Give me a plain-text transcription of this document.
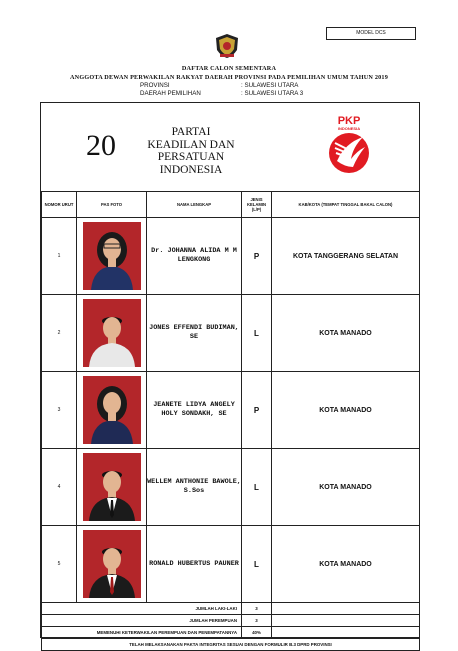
MODEL DCS
DAFTAR CALON SEMENTARA
ANGGOTA DEWAN PERWAKILAN RAKYAT DAERAH PROVINSI PADA PEMILIHAN UMUM TAHUN 2019
PROVINSI	: SULAWESI UTARA
DAERAH PEMILIHAN	: SULAWESI UTARA 3
20	PARTAI KEADILAN DAN
PERSATUAN
INDONESIA
PKP
INDONESIA
NOMOR URUT	PAS FOTO	NAMA LENGKAP	JENIS KELAMIN (L/P)	KAB/KOTA (TEMPAT TINGGAL BAKAL CALON)
1		Dr. JOHANNA ALIDA M M LENGKONG	P	KOTA TANGGERANG SELATAN
2		JONES EFFENDI BUDIMAN, SE	L	KOTA MANADO
3		JEANETE LIDYA ANGELY HOLY SONDAKH, SE	P	KOTA MANADO
4		WELLEM ANTHONIE BAWOLE, S.Sos	L	KOTA MANADO
5		RONALD HUBERTUS PAUNER	L	KOTA MANADO
JUMLAH LAKI-LAKI			3	
JUMLAH PEREMPUAN			3	
MEMENUHI KETERWAKILAN PEREMPUAN DAN PENEMPATANNYA			40%	
TELAH MELAKSANAKAN PAKTA INTEGRITAS SESUAI DENGAN FORMULIR B.3 DPRD PROVINSI				
